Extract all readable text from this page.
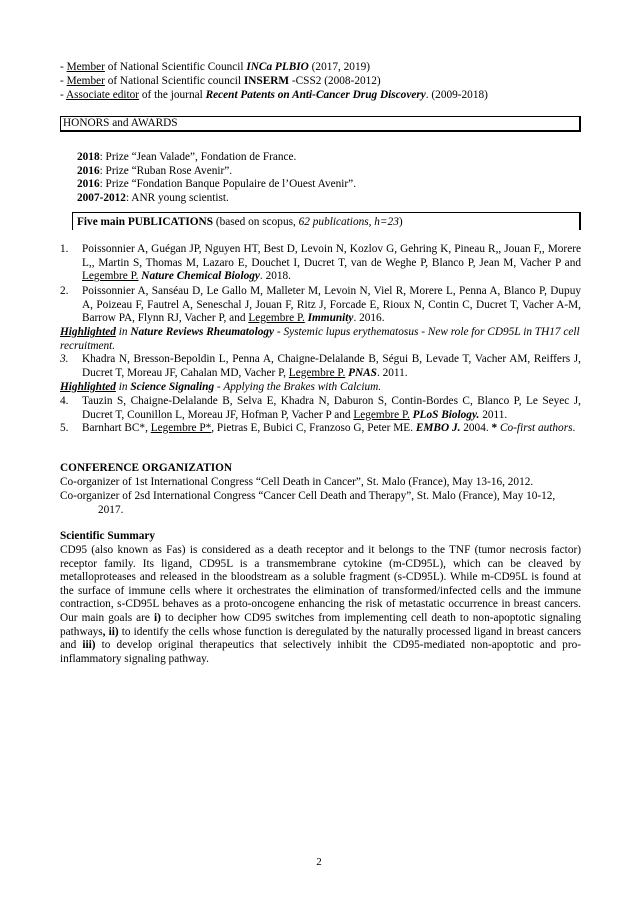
- Member of National Scientific Council INCa PLBIO (2017, 2019)
- Member of National Scientific council INSERM -CSS2 (2008-2012)
- Associate editor of the journal Recent Patents on Anti-Cancer Drug Discovery. (2009-2018)
HONORS and AWARDS
2018: Prize “Jean Valade”, Fondation de France.
2016: Prize “Ruban Rose Avenir”.
2016: Prize “Fondation Banque Populaire de l’Ouest Avenir”.
2007-2012: ANR young scientist.
Five main PUBLICATIONS (based on scopus, 62 publications, h=23)
1. Poissonnier A, Guégan JP, Nguyen HT, Best D, Levoin N, Kozlov G, Gehring K, Pineau R,, Jouan F,, Morere L,, Martin S, Thomas M, Lazaro E, Douchet I, Ducret T, van de Weghe P, Blanco P, Jean M, Vacher P and Legembre P. Nature Chemical Biology. 2018.
2. Poissonnier A, Sanséau D, Le Gallo M, Malleter M, Levoin N, Viel R, Morere L, Penna A, Blanco P, Dupuy A, Poizeau F, Fautrel A, Seneschal J, Jouan F, Ritz J, Forcade E, Rioux N, Contin C, Ducret T, Vacher A-M, Barrow PA, Flynn RJ, Vacher P, and Legembre P. Immunity. 2016.
Highlighted in Nature Reviews Rheumatology - Systemic lupus erythematosus - New role for CD95L in TH17 cell recruitment.
3. Khadra N, Bresson-Bepoldin L, Penna A, Chaigne-Delalande B, Ségui B, Levade T, Vacher AM, Reiffers J, Ducret T, Moreau JF, Cahalan MD, Vacher P, Legembre P. PNAS. 2011.
Highlighted in Science Signaling - Applying the Brakes with Calcium.
4. Tauzin S, Chaigne-Delalande B, Selva E, Khadra N, Daburon S, Contin-Bordes C, Blanco P, Le Seyec J, Ducret T, Counillon L, Moreau JF, Hofman P, Vacher P and Legembre P. PLoS Biology. 2011.
5. Barnhart BC*, Legembre P*, Pietras E, Bubici C, Franzoso G, Peter ME. EMBO J. 2004. * Co-first authors.
CONFERENCE ORGANIZATION
Co-organizer of 1st International Congress “Cell Death in Cancer”, St. Malo (France), May 13-16, 2012.
Co-organizer of 2sd International Congress “Cancer Cell Death and Therapy”, St. Malo (France), May 10-12,
2017.
Scientific Summary
CD95 (also known as Fas) is considered as a death receptor and it belongs to the TNF (tumor necrosis factor) receptor family. Its ligand, CD95L is a transmembrane cytokine (m-CD95L), which can be cleaved by metalloproteases and released in the bloodstream as a soluble fragment (s-CD95L). While m-CD95L is found at the surface of immune cells where it orchestrates the elimination of transformed/infected cells and the immune contraction, s-CD95L behaves as a proto-oncogene enhancing the risk of metastatic occurrence in breast cancers. Our main goals are i) to decipher how CD95 switches from implementing cell death to non-apoptotic signaling pathways, ii) to identify the cells whose function is deregulated by the naturally processed ligand in breast cancers and iii) to develop original therapeutics that selectively inhibit the CD95-mediated non-apoptotic and pro-inflammatory signaling pathway.
2
